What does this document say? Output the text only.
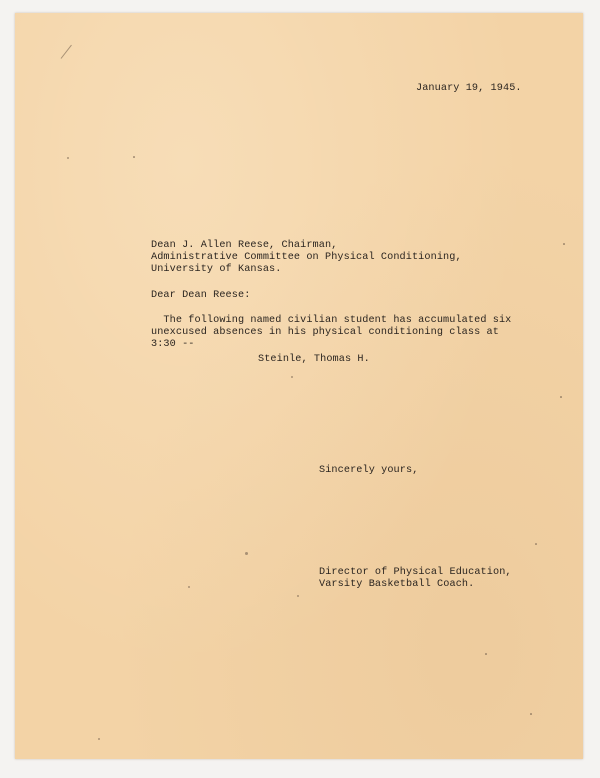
January 19, 1945.
Dean J. Allen Reese, Chairman,
Administrative Committee on Physical Conditioning,
University of Kansas.
Dear Dean Reese:
The following named civilian student has accumulated six
unexcused absences in his physical conditioning class at
3:30 --
Steinle, Thomas H.
Sincerely yours,
Director of Physical Education,
Varsity Basketball Coach.
